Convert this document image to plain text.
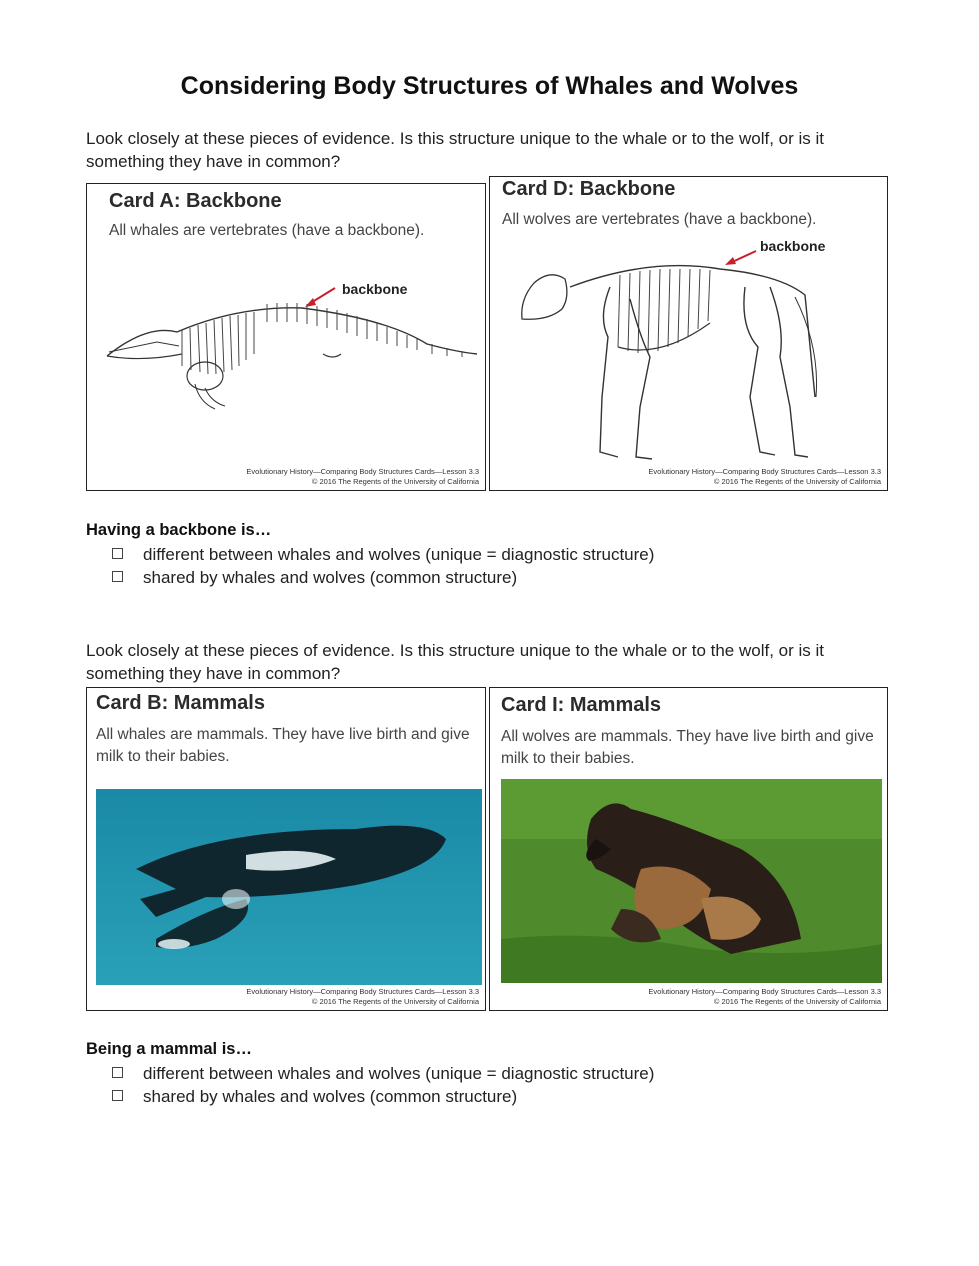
Considering Body Structures of Whales and Wolves
Look closely at these pieces of evidence. Is this structure unique to the whale or to the wolf, or is it something they have in common?
Card A: Backbone
All whales are vertebrates (have a backbone).
backbone
Evolutionary History—Comparing Body Structures Cards—Lesson 3.3
© 2016 The Regents of the University of California
Card D: Backbone
All wolves are vertebrates (have a backbone).
backbone
Evolutionary History—Comparing Body Structures Cards—Lesson 3.3
© 2016 The Regents of the University of California
Having a backbone is…
different between whales and wolves (unique = diagnostic structure)
shared by whales and wolves (common structure)
Look closely at these pieces of evidence. Is this structure unique to the whale or to the wolf, or is it something they have in common?
Card B: Mammals
All whales are mammals. They have live birth and give milk to their babies.
Evolutionary History—Comparing Body Structures Cards—Lesson 3.3
© 2016 The Regents of the University of California
Card I: Mammals
All wolves are mammals. They have live birth and give milk to their babies.
Evolutionary History—Comparing Body Structures Cards—Lesson 3.3
© 2016 The Regents of the University of California
Being a mammal is…
different between whales and wolves (unique = diagnostic structure)
shared by whales and wolves (common structure)
